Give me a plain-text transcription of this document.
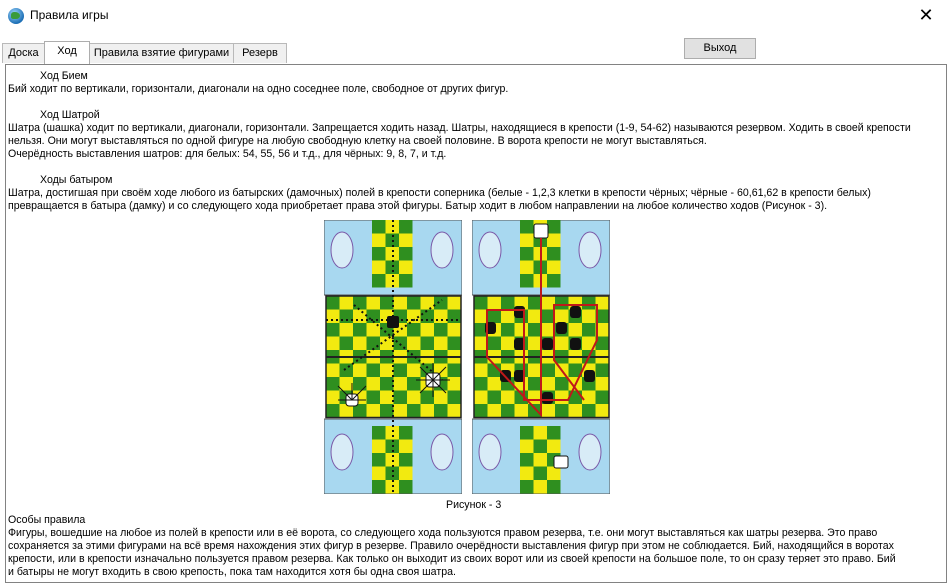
Правила игры	✕
Доска	Ход	Правила взятие фигурами	Резерв	Выход
Ход Бием
Бий ходит по вертикали, горизонтали, диагонали на одно соседнее поле, свободное от других фигур.
Ход Шатрой
Шатра (шашка) ходит по вертикали, диагонали, горизонтали. Запрещается ходить назад. Шатры, находящиеся в крепости (1-9, 54-62) называются резервом. Ходить в своей крепости
нельзя. Они могут выставляться по одной фигуре на любую свободную клетку на своей половине. В ворота крепости не могут выставляться.
Очерёдность выставления шатров: для белых: 54, 55, 56 и т.д., для чёрных: 9, 8, 7, и т.д.
Ходы батыром
Шатра, достигшая при своём ходе любого из батырских (дамочных) полей в крепости соперника (белые - 1,2,3 клетки в крепости чёрных; чёрные - 60,61,62 в крепости белых)
превращается в батыра (дамку) и со следующего хода приобретает права этой фигуры. Батыр ходит в любом направлении на любое количество ходов (Рисунок - 3).
Рисунок - 3
Особы правила
Фигуры, вошедшие на любое из полей в крепости или в её ворота, со следующего хода пользуются правом резерва, т.е. они могут выставляться как шатры резерва. Это право
сохраняется за этими фигурами на всё время нахождения этих фигур в резерве. Правило очерёдности выставления фигур при этом не соблюдается. Бий, находящийся в воротах
крепости, или в крепости изначально пользуется правом резерва. Как только он выходит из своих ворот или из своей крепости на большое поле, то он сразу теряет это право. Бий
и батыры не могут входить в свою крепость, пока там находится хотя бы одна своя шатра.
